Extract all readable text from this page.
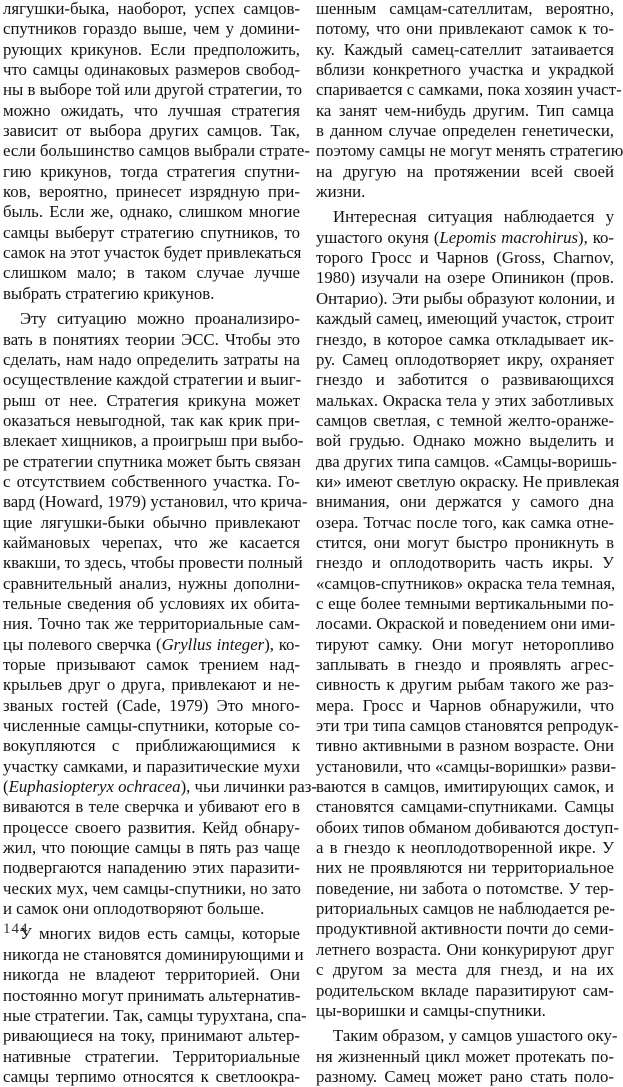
лягушки-быка, наоборот, успех самцов-
спутников гораздо выше, чем у домини-
рующих крикунов. Если предположить,
что самцы одинаковых размеров свобод-
ны в выборе той или другой стратегии, то
можно ожидать, что лучшая стратегия
зависит от выбора других самцов. Так,
если большинство самцов выбрали страте-
гию крикунов, тогда стратегия спутни-
ков, вероятно, принесет изрядную при-
быль. Если же, однако, слишком многие
самцы выберут стратегию спутников, то
самок на этот участок будет привлекаться
слишком мало; в таком случае лучше
выбрать стратегию крикунов.
Эту ситуацию можно проанализиро-
вать в понятиях теории ЭСС. Чтобы это
сделать, нам надо определить затраты на
осуществление каждой стратегии и выиг-
рыш от нее. Стратегия крикуна может
оказаться невыгодной, так как крик при-
влекает хищников, а проигрыш при выбо-
ре стратегии спутника может быть связан
с отсутствием собственного участка. Го-
вард (Howard, 1979) установил, что крича-
щие лягушки-быки обычно привлекают
каймановых черепах, что же касается
квакши, то здесь, чтобы провести полный
сравнительный анализ, нужны дополни-
тельные сведения об условиях их обита-
ния. Точно так же территориальные сам-
цы полевого сверчка (Gryllus integer), ко-
торые призывают самок трением над-
крыльев друг о друга, привлекают и не-
званых гостей (Cade, 1979) Это много-
численные самцы-спутники, которые со-
вокупляются с приближающимися к
участку самками, и паразитические мухи
(Euphasiopteryx ochracea), чьи личинки раз-
виваются в теле сверчка и убивают его в
процессе своего развития. Кейд обнару-
жил, что поющие самцы в пять раз чаще
подвергаются нападению этих паразити-
ческих мух, чем самцы-спутники, но зато
и самок они оплодотворяют больше.
У многих видов есть самцы, которые
никогда не становятся доминирующими и
никогда не владеют территорией. Они
постоянно могут принимать альтернатив-
ные стратегии. Так, самцы турухтана, спа-
ривающиеся на току, принимают альтер-
нативные стратегии. Территориальные
самцы терпимо относятся к светлоокра-
шенным самцам-сателлитам, вероятно,
потому, что они привлекают самок к то-
ку. Каждый самец-сателлит затаивается
вблизи конкретного участка и украдкой
спаривается с самками, пока хозяин участ-
ка занят чем-нибудь другим. Тип самца
в данном случае определен генетически,
поэтому самцы не могут менять стратегию
на другую на протяжении всей своей
жизни.
Интересная ситуация наблюдается у
ушастого окуня (Lepomis macrohirus), ко-
торого Гросс и Чарнов (Gross, Charnov,
1980) изучали на озере Опиникон (пров.
Онтарио). Эти рыбы образуют колонии, и
каждый самец, имеющий участок, строит
гнездо, в которое самка откладывает ик-
ру. Самец оплодотворяет икру, охраняет
гнездо и заботится о развивающихся
мальках. Окраска тела у этих заботливых
самцов светлая, с темной желто-оранже-
вой грудью. Однако можно выделить и
два других типа самцов. «Самцы-воришь-
ки» имеют светлую окраску. Не привлекая
внимания, они держатся у самого дна
озера. Тотчас после того, как самка отне-
стится, они могут быстро проникнуть в
гнездо и оплодотворить часть икры. У
«самцов-спутников» окраска тела темная,
с еще более темными вертикальными по-
лосами. Окраской и поведением они ими-
тируют самку. Они могут неторопливо
заплывать в гнездо и проявлять агрес-
сивность к другим рыбам такого же раз-
мера. Гросс и Чарнов обнаружили, что
эти три типа самцов становятся репродук-
тивно активными в разном возрасте. Они
установили, что «самцы-воришки» разви-
ваются в самцов, имитирующих самок, и
становятся самцами-спутниками. Самцы
обоих типов обманом добиваются доступ-
а в гнездо к неоплодотворенной икре. У
них не проявляются ни территориальное
поведение, ни забота о потомстве. У тер-
риториальных самцов не наблюдается ре-
продуктивной активности почти до семи-
летнего возраста. Они конкурируют друг
с другом за места для гнезд, и на их
родительском вкладе паразитируют сам-
цы-воришки и самцы-спутники.
Таким образом, у самцов ушастого оку-
ня жизненный цикл может протекать по-
разному. Самец может рано стать поло-
144
